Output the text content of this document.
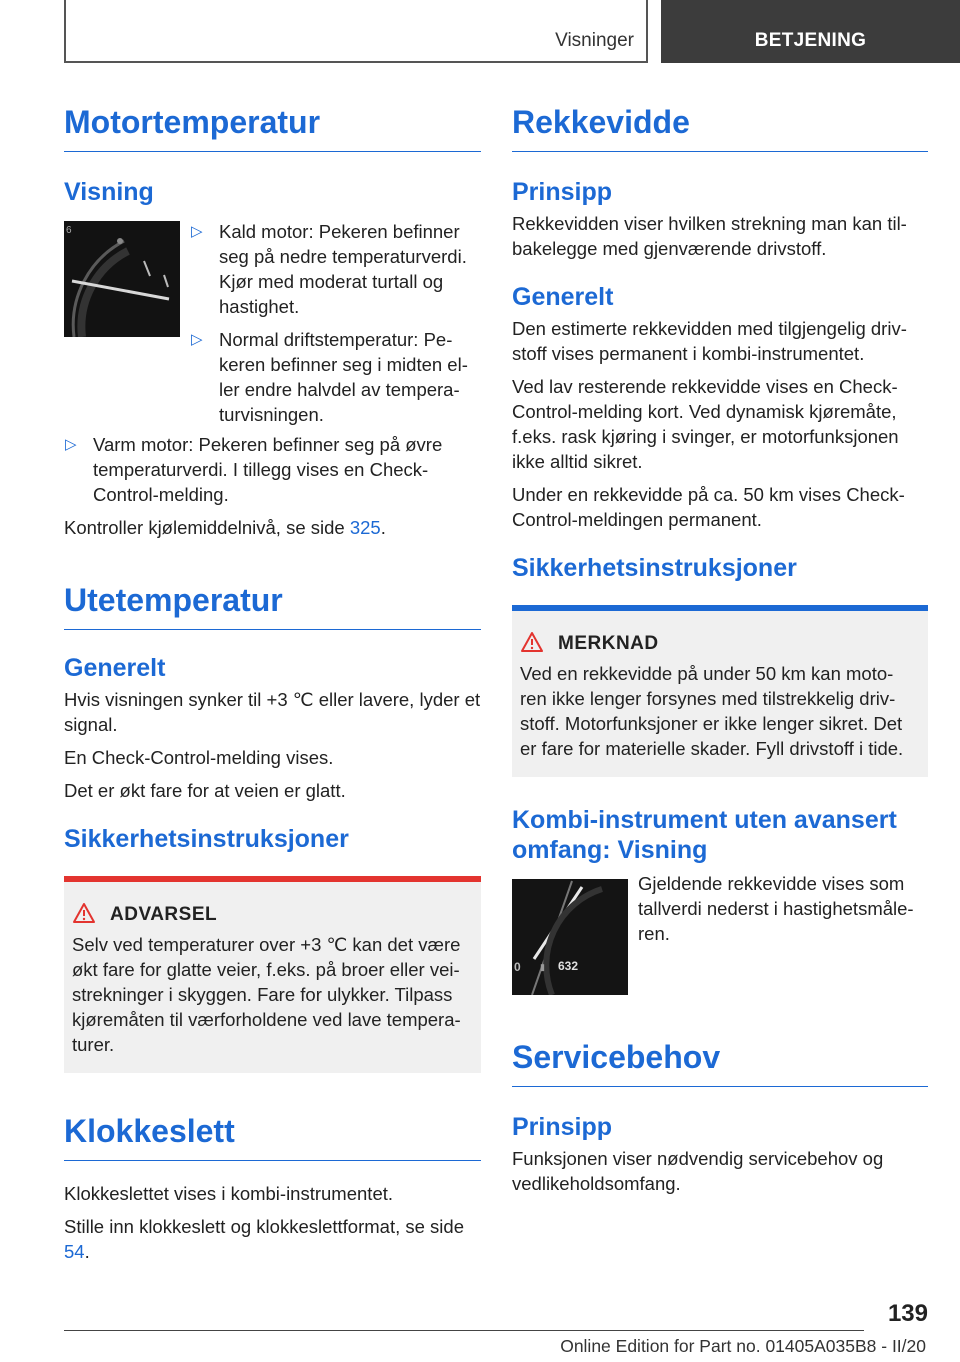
Visninger	BETJENING
Motortemperatur
Visning
6

▷	Kald motor: Pekeren befinner seg på nedre temperaturverdi. Kjør med moderat turtall og hastighet.

▷ Normal driftstemperatur: Pe-keren befinner seg i midten el-ler endre halvdel av tempera-turvisningen.

▷ Varm motor: Pekeren befinner seg på øvre temperaturverdi. I tillegg vises en Check-Control-melding.

Kontroller kjølemiddelnivå, se side 325.

Utetemperatur
Generelt

Hvis visningen synker til +3 ℃ eller lavere, lyder et signal.

En Check-Control-melding vises.

Det er økt fare for at veien er glatt.

Sikkerhetsinstruksjoner
ADVARSEL

Selv ved temperaturer over +3 ℃ kan det være økt fare for glatte veier, f.eks. på broer eller vei-strekninger i skyggen. Fare for ulykker. Tilpass kjøremåten til værforholdene ved lave tempera-turer.

Klokkeslett

Klokkeslettet vises i kombi-instrumentet.

Stille inn klokkeslett og klokkeslettformat, se side 54.

Rekkevidde
Prinsipp

Rekkevidden viser hvilken strekning man kan til-bakelegge med gjenværende drivstoff.

Generelt

Den estimerte rekkevidden med tilgjengelig driv-stoff vises permanent i kombi-instrumentet.

Ved lav resterende rekkevidde vises en Check-Control-melding kort. Ved dynamisk kjøremåte, f.eks. rask kjøring i svinger, er motorfunksjonen ikke alltid sikret.

Under en rekkevidde på ca. 50 km vises Check-Control-meldingen permanent.

Sikkerhetsinstruksjoner
MERKNAD

Ved en rekkevidde på under 50 km kan moto-ren ikke lenger forsynes med tilstrekkelig driv-stoff. Motorfunksjoner er ikke lenger sikret. Det er fare for materielle skader. Fyll drivstoff i tide.

Kombi-instrument uten avansert omfang: Visning
0 ▮ 632

Gjeldende rekkevidde vises som tallverdi nederst i hastighetsmåle-ren.

Servicebehov
Prinsipp

Funksjonen viser nødvendig servicebehov og vedlikeholdsomfang.

139
Online Edition for Part no. 01405A035B8 - II/20
